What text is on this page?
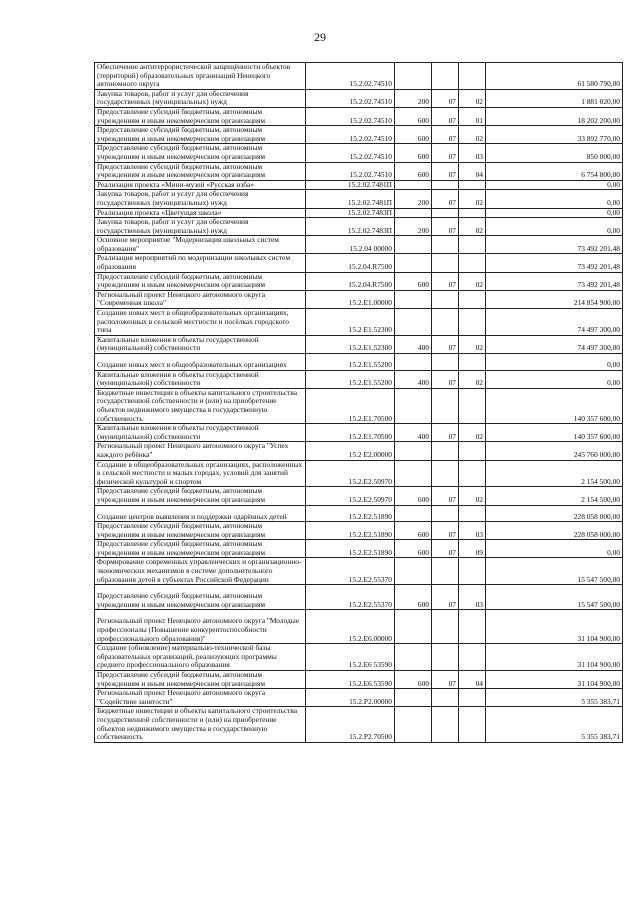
29
Обеспечение антитеррористической защищённости объектов (территорий) образовательных организаций Ненецкого автономного округа	15.2.02.74510				61 580 790,00
Закупка товаров, работ и услуг для обеспечения государственных (муниципальных) нужд	15.2.02.74510	200	07	02	1 881 020,00
Предоставление субсидий бюджетным, автономным учреждениям и иным некоммерческим организациям	15.2.02.74510	600	07	01	18 202 200,00
Предоставление субсидий бюджетным, автономным учреждениям и иным некоммерческим организациям	15.2.02.74510	600	07	02	33 892 770,00
Предоставление субсидий бюджетным, автономным учреждениям и иным некоммерческим организациям	15.2.02.74510	600	07	03	850 000,00
Предоставление субсидий бюджетным, автономным учреждениям и иным некоммерческим организациям	15.2.02.74510	600	07	04	6 754 800,00
Реализация проекта «Мини-музей «Русская изба»	15.2.02.7481П				0,00
Закупка товаров, работ и услуг для обеспечения государственных (муниципальных) нужд	15.2.02.7481П	200	07	02	0,00
Реализация проекта «Цветущая школа»	15.2.02.7483П				0,00
Закупка товаров, работ и услуг для обеспечения государственных (муниципальных) нужд	15.2.02.7483П	200	07	02	0,00
Основное мероприятие "Модернизация школьных систем образования"	15.2.04 00000				73 492 201,48
Реализация мероприятий по модернизации школьных систем образования	15.2.04.R7500				73 492 201,48
Предоставление субсидий бюджетным, автономным учреждениям и иным некоммерческим организациям	15.2.04.R7500	600	07	02	73 492 201,48
Региональный проект Ненецкого автономного округа "Современная школа"	15.2.E1.00000				214 854 900,00
Создание новых мест в общеобразовательных организациях, расположенных в сельской местности и посёлках городского типа	15.2 E1.52300				74 497 300,00
Капитальные вложения в объекты государственной (муниципальной) собственности	15.2.E1.52300	400	07	02	74 497 300,00
Создание новых мест в общеобразовательных организациях	15.2.E1.55200				0,00
Капитальные вложения в объекты государственной (муниципальной) собственности	15.2.E1.55200	400	07	02	0,00
Бюджетные инвестиции в объекты капитального строительства государственной собственности и (или) на приобретение объектов недвижимого имущества в государственную собственность	15.2.E1.70500				140 357 600,00
Капитальные вложения в объекты государственной (муниципальной) собственности	15.2.E1.70500	400	07	02	140 357 600,00
Региональный проект Ненецкого автономного округа "Успех каждого ребёнка"	15.2 E2.00000				245 760 000,00
Создание в общеобразовательных организациях, расположенных в сельской местности и малых городах, условий для занятий физической культурой и спортом	15.2.E2.50970				2 154 500,00
Предоставление субсидий бюджетным, автономным учреждениям и иным некоммерческим организациям	15.2.E2.50970	600	07	02	2 154 500,00
Создание центров выявления и поддержки одарённых детей	15.2.E2.51890				228 058 000,00
Предоставление субсидий бюджетным, автономным учреждениям и иным некоммерческим организациям	15.2.E2.51890	600	07	03	228 058 000,00
Предоставление субсидий бюджетным, автономным учреждениям и иным некоммерческим организациям	15.2.E2.51890	600	07	09	0,00
Формирование современных управленческих и организационно-экономических механизмов в системе дополнительного образования детей в субъектах Российской Федерации	15.2.E2.55370				15 547 500,00
Предоставление субсидий бюджетным, автономным учреждениям и иным некоммерческим организациям	15.2.E2.55370	600	07	03	15 547 500,00
Региональный проект Ненецкого автономного округа "Молодые профессионалы (Повышение конкурентоспособности профессионального образования)"	15.2.E6.00000				31 104 900,00
Создание (обновление) материально-технической базы образовательных организаций, реализующих программы среднего профессионального образования	15.2.E6 53590				31 104 900,00
Предоставление субсидий бюджетным, автономным учреждениям и иным некоммерческим организациям	15.2.E6.53590	600	07	04	31 104 900,00
Региональный проект Ненецкого автономного округа "Содействие занятости"	15.2.P2.00000				5 355 383,71
Бюджетные инвестиции в объекты капитального строительства государственной собственности и (или) на приобретение объектов недвижимого имущества в государственную собственность	15.2.P2.70500				5 355 383,71
